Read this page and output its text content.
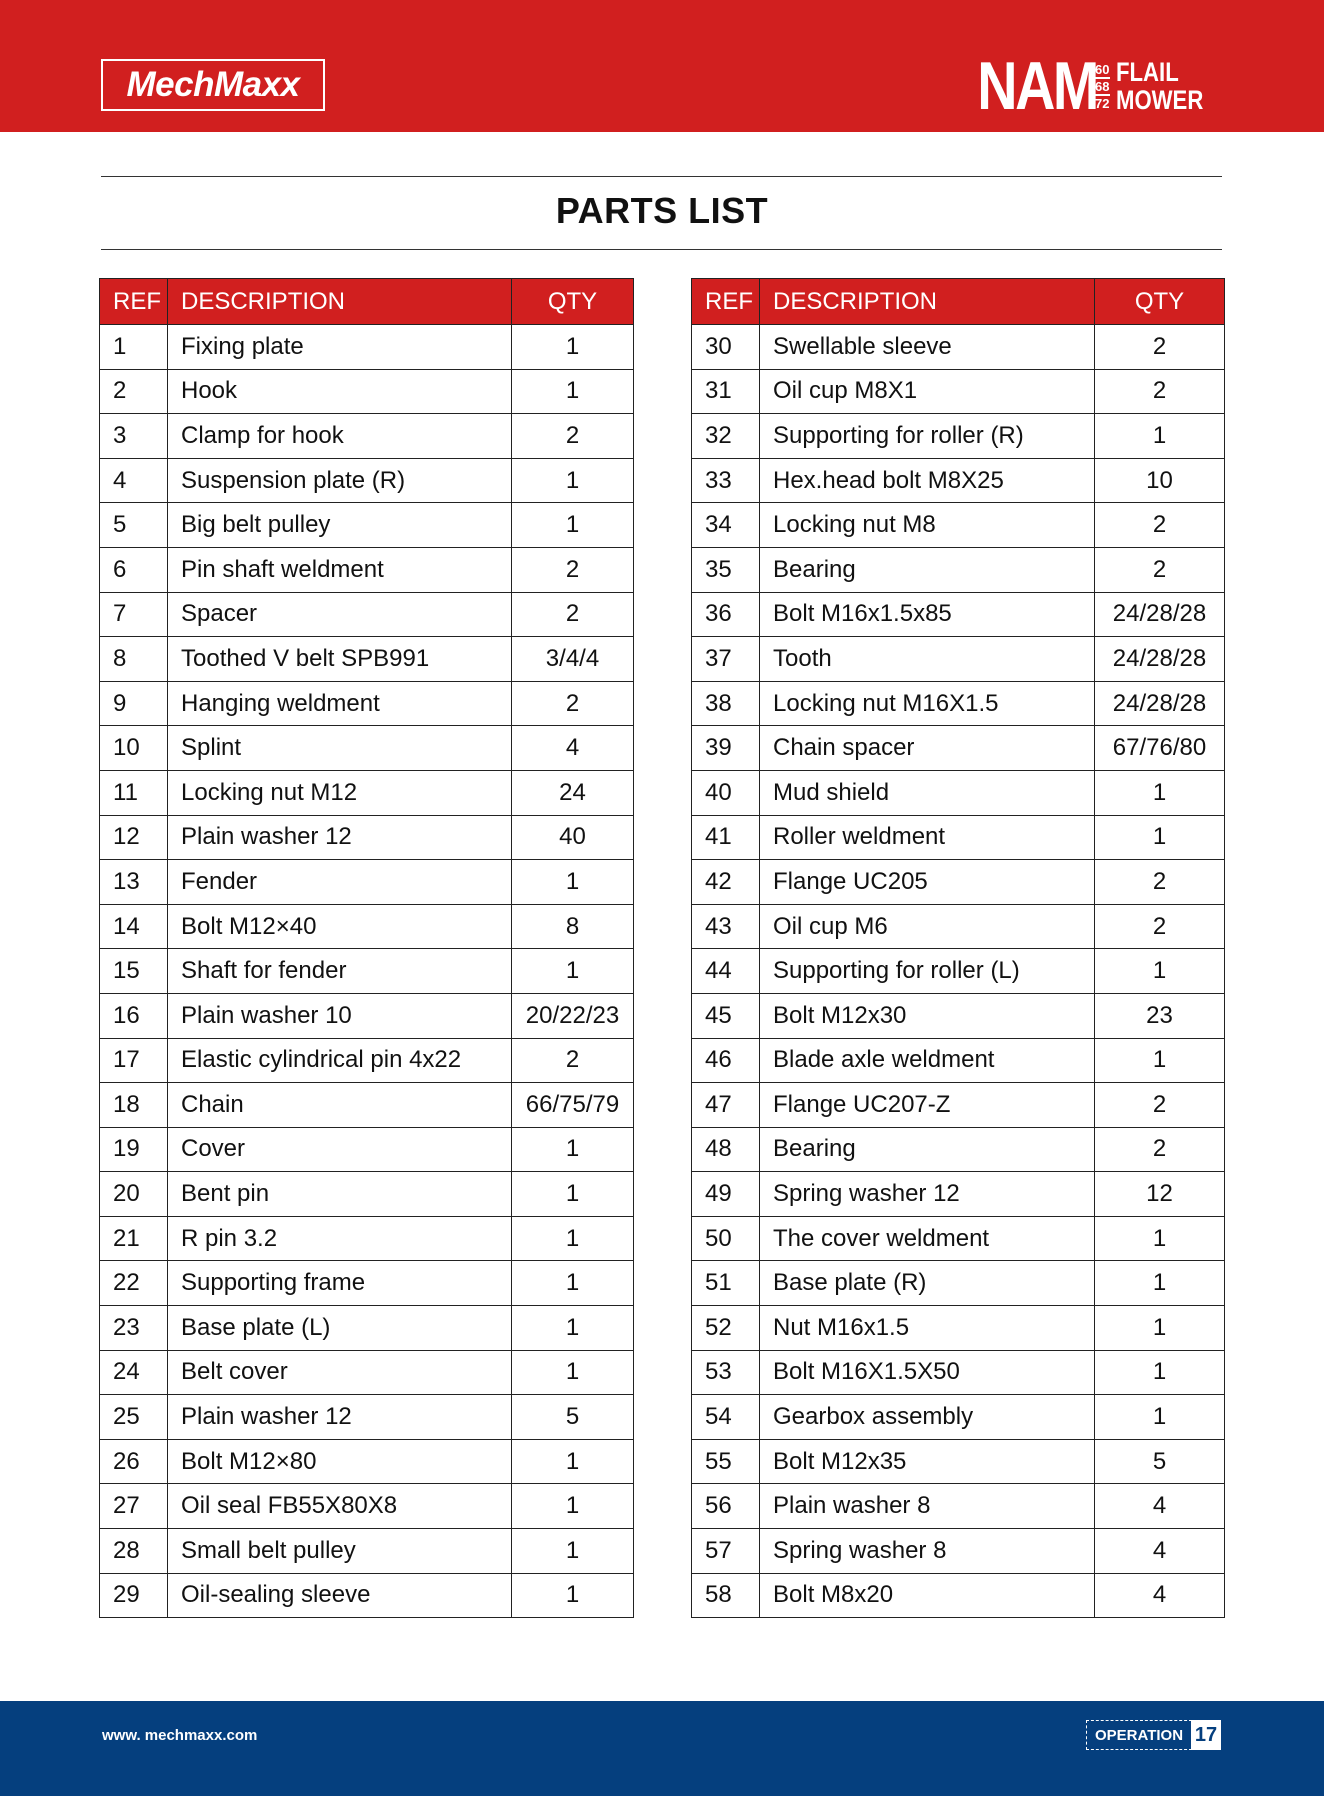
MechMaxx	NAM
60
68
72
FLAIL
MOWER
PARTS LIST
REF	DESCRIPTION	QTY
1	Fixing plate	1
2	Hook	1
3	Clamp for hook	2
4	Suspension plate (R)	1
5	Big belt pulley	1
6	Pin shaft weldment	2
7	Spacer	2
8	Toothed V belt SPB991	3/4/4
9	Hanging weldment	2
10	Splint	4
11	Locking nut M12	24
12	Plain washer 12	40
13	Fender	1
14	Bolt M12×40	8
15	Shaft for fender	1
16	Plain washer 10	20/22/23
17	Elastic cylindrical pin 4x22	2
18	Chain	66/75/79
19	Cover	1
20	Bent pin	1
21	R pin 3.2	1
22	Supporting frame	1
23	Base plate (L)	1
24	Belt cover	1
25	Plain washer 12	5
26	Bolt M12×80	1
27	Oil seal FB55X80X8	1
28	Small belt pulley	1
29	Oil-sealing sleeve	1
REF	DESCRIPTION	QTY
30	Swellable sleeve	2
31	Oil cup M8X1	2
32	Supporting for roller (R)	1
33	Hex.head bolt M8X25	10
34	Locking nut M8	2
35	Bearing	2
36	Bolt M16x1.5x85	24/28/28
37	Tooth	24/28/28
38	Locking nut M16X1.5	24/28/28
39	Chain spacer	67/76/80
40	Mud shield	1
41	Roller weldment	1
42	Flange UC205	2
43	Oil cup M6	2
44	Supporting for roller (L)	1
45	Bolt M12x30	23
46	Blade axle weldment	1
47	Flange UC207-Z	2
48	Bearing	2
49	Spring washer 12	12
50	The cover weldment	1
51	Base plate (R)	1
52	Nut M16x1.5	1
53	Bolt M16X1.5X50	1
54	Gearbox assembly	1
55	Bolt M12x35	5
56	Plain washer 8	4
57	Spring washer 8	4
58	Bolt M8x20	4
www. mechmaxx.com	OPERATION 17
